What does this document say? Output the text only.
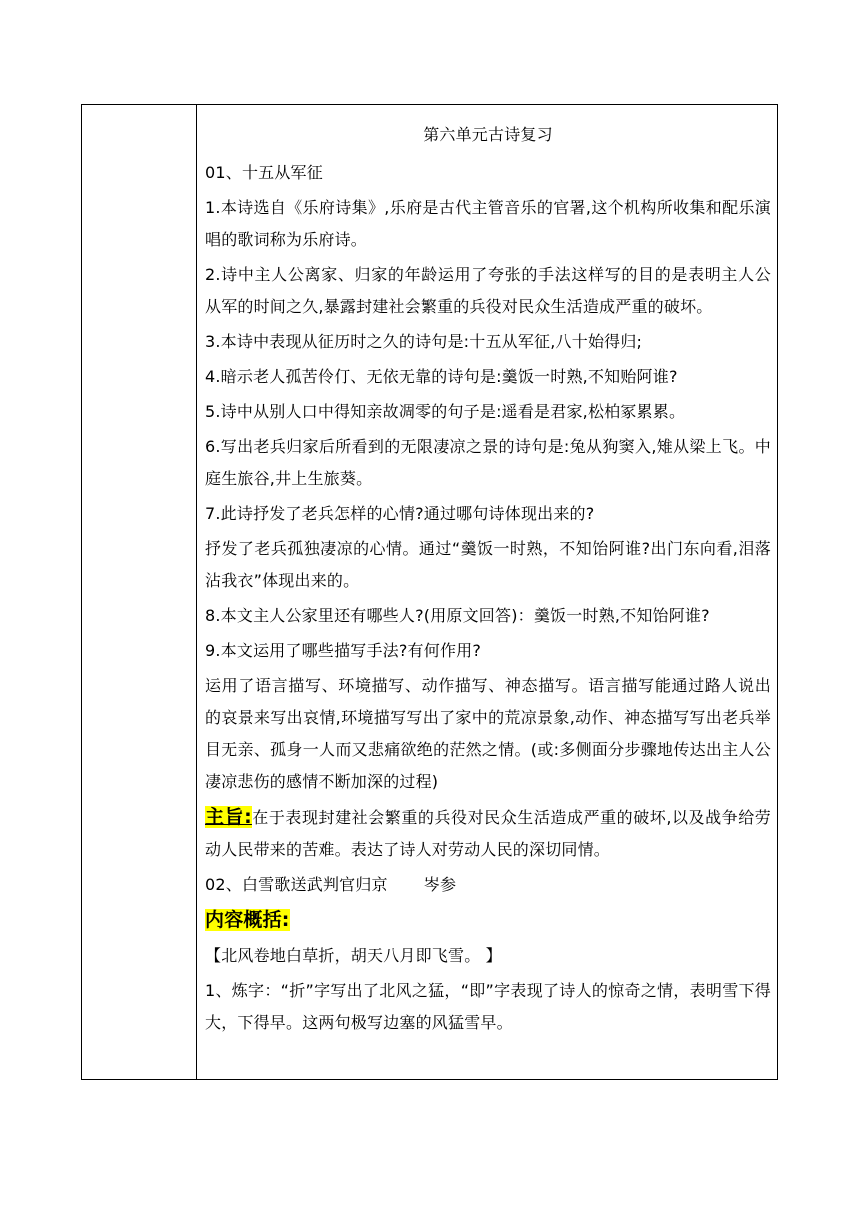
第六单元古诗复习
01、十五从军征
1.本诗选自《乐府诗集》,乐府是古代主管音乐的官署,这个机构所收集和配乐演唱的歌词称为乐府诗。
2.诗中主人公离家、归家的年龄运用了夸张的手法这样写的目的是表明主人公从军的时间之久,暴露封建社会繁重的兵役对民众生活造成严重的破坏。
3.本诗中表现从征历时之久的诗句是:十五从军征,八十始得归;
4.暗示老人孤苦伶仃、无依无靠的诗句是:羹饭一时熟,不知贻阿谁?
5.诗中从别人口中得知亲故凋零的句子是:遥看是君家,松柏冢累累。
6.写出老兵归家后所看到的无限凄凉之景的诗句是:兔从狗窦入,雉从梁上飞。中庭生旅谷,井上生旅葵。
7.此诗抒发了老兵怎样的心情?通过哪句诗体现出来的?
抒发了老兵孤独凄凉的心情。通过“羹饭一时熟，不知饴阿谁?出门东向看,泪落沾我衣”体现出来的。
8.本文主人公家里还有哪些人?(用原文回答)：羹饭一时熟,不知饴阿谁?
9.本文运用了哪些描写手法?有何作用?
运用了语言描写、环境描写、动作描写、神态描写。语言描写能通过路人说出的哀景来写出哀情,环境描写写出了家中的荒凉景象,动作、神态描写写出老兵举目无亲、孤身一人而又悲痛欲绝的茫然之情。(或:多侧面分步骤地传达出主人公凄凉悲伤的感情不断加深的过程)
主旨:在于表现封建社会繁重的兵役对民众生活造成严重的破坏,以及战争给劳动人民带来的苦难。表达了诗人对劳动人民的深切同情。
02、白雪歌送武判官归京 岑参
内容概括:
【北风卷地白草折，胡天八月即飞雪。 】
1、炼字：“折”字写出了北风之猛，“即”字表现了诗人的惊奇之情，表明雪下得大，下得早。这两句极写边塞的风猛雪早。
